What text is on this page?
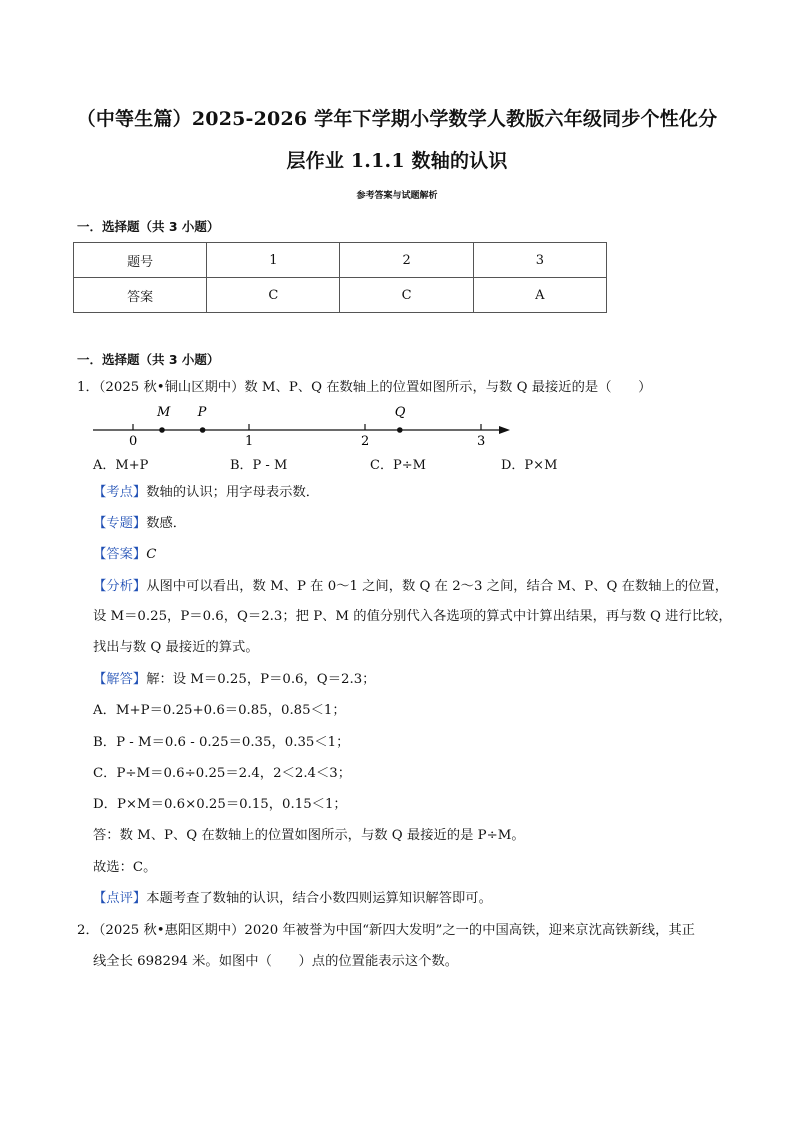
（中等生篇）2025-2026 学年下学期小学数学人教版六年级同步个性化分
层作业 1.1.1 数轴的认识
参考答案与试题解析
一．选择题（共 3 小题）
题号	1	2	3
答案	C	C	A
一．选择题（共 3 小题）
1．（2025 秋•铜山区期中）数 M、P、Q 在数轴上的位置如图所示，与数 Q 最接近的是（　　）
0	1	2	3
M P	Q
A．M+P	B．P - M	C．P÷M	D．P×M
【考点】数轴的认识；用字母表示数．
【专题】数感．
【答案】C
【分析】从图中可以看出，数 M、P 在 0～1 之间，数 Q 在 2～3 之间，结合 M、P、Q 在数轴上的位置，
设 M＝0.25，P＝0.6，Q＝2.3；把 P、M 的值分别代入各选项的算式中计算出结果，再与数 Q 进行比较，
找出与数 Q 最接近的算式。
【解答】解：设 M＝0.25，P＝0.6，Q＝2.3；
A．M+P＝0.25+0.6＝0.85，0.85＜1；
B．P - M＝0.6 - 0.25＝0.35，0.35＜1；
C．P÷M＝0.6÷0.25＝2.4，2＜2.4＜3；
D．P×M＝0.6×0.25＝0.15，0.15＜1；
答：数 M、P、Q 在数轴上的位置如图所示，与数 Q 最接近的是 P÷M。
故选：C。
【点评】本题考查了数轴的认识，结合小数四则运算知识解答即可。
2．（2025 秋•惠阳区期中）2020 年被誉为中国“新四大发明”之一的中国高铁，迎来京沈高铁新线，其正
线全长 698294 米。如图中（　　）点的位置能表示这个数。
